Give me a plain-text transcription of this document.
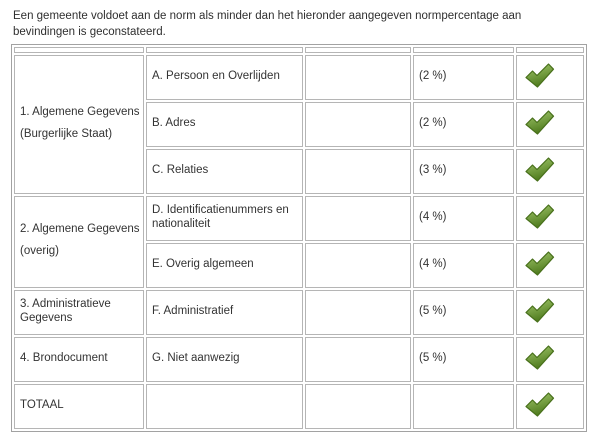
Een gemeente voldoet aan de norm als minder dan het hieronder aangegeven normpercentage aan
bevindingen is geconstateerd.

1. Algemene Gegevens
(Burgerlijke Staat)	A. Persoon en Overlijden		(2 %)	

	B. Adres		(2 %)	

	C. Relaties		(3 %)	

2. Algemene Gegevens
(overig)	D. Identificatienummers en nationaliteit		(4 %)	

	E. Overig algemeen		(4 %)	

3. Administratieve Gegevens	F. Administratief		(5 %)	

4. Brondocument	G. Niet aanwezig		(5 %)	

TOTAAL
